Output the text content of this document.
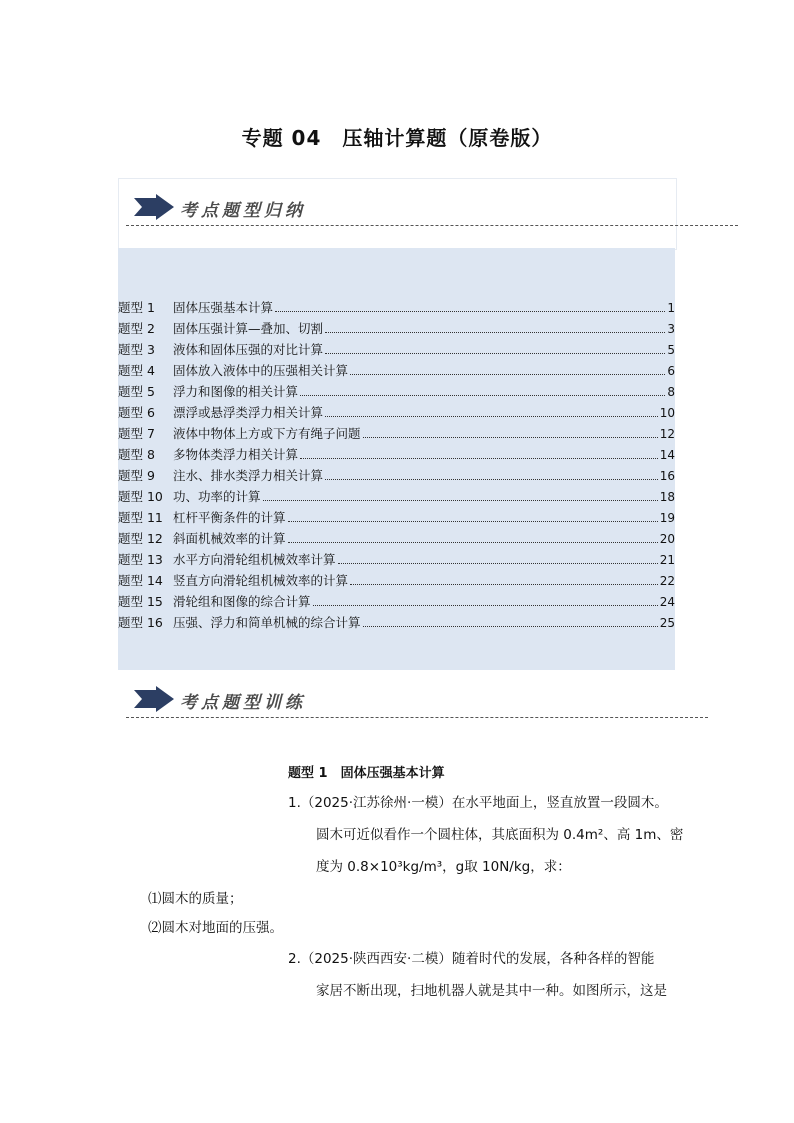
专题 04　压轴计算题（原卷版）
考点题型归纳
题型 1	固体压强基本计算	1
题型 2	固体压强计算—叠加、切割	3
题型 3	液体和固体压强的对比计算	5
题型 4	固体放入液体中的压强相关计算	6
题型 5	浮力和图像的相关计算	8
题型 6	漂浮或悬浮类浮力相关计算	10
题型 7	液体中物体上方或下方有绳子问题	12
题型 8	多物体类浮力相关计算	14
题型 9	注水、排水类浮力相关计算	16
题型 10 功、功率的计算	18
题型 11 杠杆平衡条件的计算	19
题型 12 斜面机械效率的计算	20
题型 13 水平方向滑轮组机械效率计算	21
题型 14 竖直方向滑轮组机械效率的计算	22
题型 15 滑轮组和图像的综合计算	24
题型 16 压强、浮力和简单机械的综合计算	25
考点题型训练
题型 1　固体压强基本计算
1.（2025·江苏徐州·一模）在水平地面上，竖直放置一段圆木。
圆木可近似看作一个圆柱体，其底面积为 0.4m²、高 1m、密
度为 0.8×10³kg/m³，g取 10N/kg，求：
⑴圆木的质量；
⑵圆木对地面的压强。
2.（2025·陕西西安·二模）随着时代的发展，各种各样的智能
家居不断出现，扫地机器人就是其中一种。如图所示，这是
